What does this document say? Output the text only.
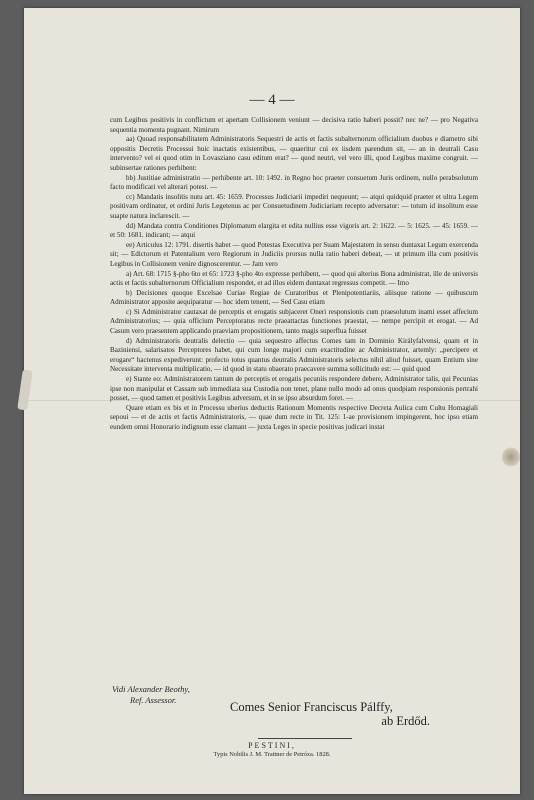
— 4 —

cum Legibus positivis in conflictum et apertam Collisionem veniunt — decisiva ratio haberi possit? nec ne? — pro Negativa sequentia momenta pugnant. Nimirum

aa) Quoad responsabilitatem Administratoris Sequestri de actis et factis subalternorum officialium duobus e diametro sibi oppositis Decretis Processui huic inactatis existentibus, — quaeritur cui ex iisdem parendum sit, — an in deutrali Casu intervento? vel ei quod otim in Lovasziano casu editum erat? — quod neutri, vel vero illi, quod Legibus maxime congruit. — subinsertae rationes perhibent:

bb) Justitiae administratio — perhibente art. 10: 1492. in Regno hoc praeter consuetum Juris ordinem, nullo perabsolutum facto modificari vel alterari potest. —

cc) Mandatis insolitis nutu art. 45: 1659. Processus Judiciarii impediri nequeunt; — atqui quidquid praeter et ultra Legem positivam ordinatur, et ordini Juris Legetenus ac per Consuetudinem Judiciariam recepto adversatur: — totum id insolitum esse suapte natura inclarescit. —

dd) Mandata contra Conditiones Diplomatum elargita et edita nullius esse vigoris art. 2: 1622. — 5: 1625. — 45: 1659. — et 50: 1681. indicant; — atqui

ee) Articulus 12: 1791. disertis habet — quod Potestas Executiva per Suam Majestatem in sensu duntaxat Legum exercenda sit; — Edictorum et Patentalium vero Regiorum in Judiciis prorsus nulla ratio haberi debeat, — ut primum illa cum positivis Legibus in Collisionem venire dignoscerentur. — Jam vero

a) Art. 68: 1715 §-pho 6to et 65: 1723 §-pho 4to expresse perhibent, — quod qui alterius Bona administrat, ille de universis actis et factis subalternorum Officialium respondet, et ad illos eidem duntaxat regressus competit. — Imo

b) Decisiones quoque Excelsae Curiae Regiae de Curatoribus et Plenipotentiariis, aliisque ratione — quibuscum Administrator apposite aequiparatur — hoc idem tenent, — Sed Casu etiam

c) Si Administrator cautaxat de perceptis et erogatis subjaceret Oneri responsionis cum praesolutum inami esset affecium Administratorius; — quia officium Perceptoratus recte praeattactas functiones praestat, — nempe percipit et erogat. — Ad Casum vero praesentem applicando praeviam propositionem, tanto magis superflua fuisset

d) Administratoris deutralis delectio — quia sequestro affectus Comes tam in Dominio Királyfalvensi, quam et in Baziniensi, salarisatos Perceptores habet, qui cum longe majori cum exactitudine ac Administrator, artemly: „percipere et erogare“ hactenus expediverunt: profecto totus quantus deutralis Administratoris selectus nihil aliud fuisset, quam Entium sine Necessitate interventa multiplicatio, — id quod in statu obaerato praecavere summa sollicitudo est: — quid quod

e) Stante eo: Administratorem tantum de perceptis et erogatis pecuniis respondere debere, Administrator talis, qui Pecunias ipse non manipulat et Cassam sub immediata sua Custodia non tenet, plane nullo modo ad onus quodpiam responsionis pertrahi posset, — quod tamen et positivis Legibus adversum, et in se ipso absurdum foret. —

Quare etiam ex bis et in Processu uberius deductis Rationum Momentis respective Decreta Aulica cum Cultu Homagiali sepoui — et de actis et factis Administratoris, — quae dum recte in Tit. 125: 1-ae provisionem impingerent, hoc ipso etiam eundem omni Honorario indignum esse clamant — juxta Leges in specie positivas judicari instat

Vidi Alexander Beothy,
Ref. Assessor.	Comes Senior Franciscus Pálffy,
ab Erdőd.
PESTINI,
Typis Nobilis J. M. Trattner de Petróza. 1828.
